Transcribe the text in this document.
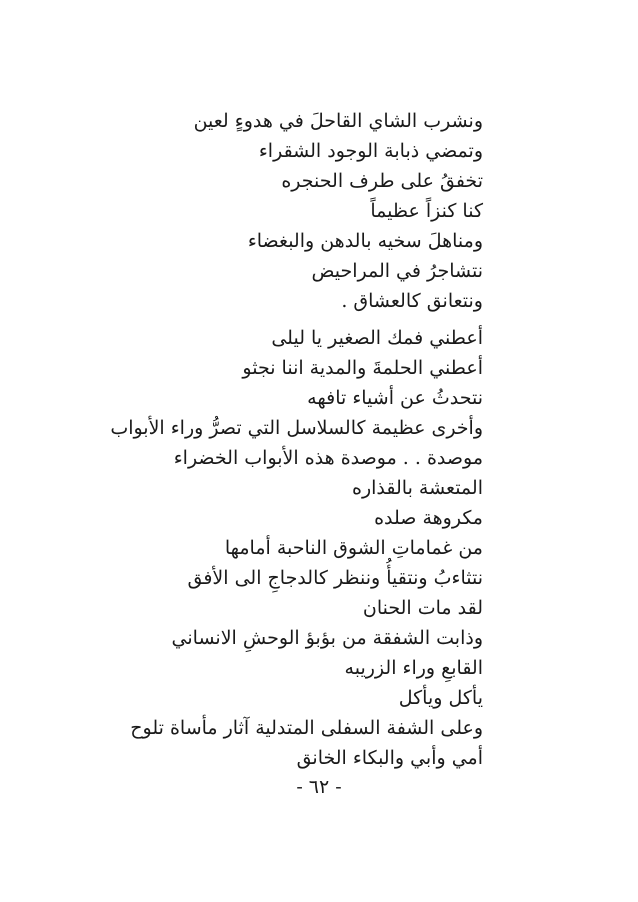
ونشرب الشاي القاحلَ في هدوءٍ لعين
وتمضي ذبابة الوجود الشقراء
تخفقُ على طرف الحنجره
كنا كنزاً عظيماً
ومناهلَ سخيه بالدهن والبغضاء
نتشاجرُ في المراحيض
ونتعانق كالعشاق .
أعطني فمك الصغير يا ليلى
أعطني الحلمةَ والمدية اننا نجثو
نتحدثُ عن أشياء تافهه
وأخرى عظيمة كالسلاسل التي تصرُّ وراء الأبواب
موصدة . . موصدة هذه الأبواب الخضراء
المتعشة بالقذاره
مكروهة صلده
من غماماتِ الشوق الناحبة أمامها
نتثاءبُ ونتقيأُ وننظر كالدجاجِ الى الأفق
لقد مات الحنان
وذابت الشفقة من بؤبؤ الوحشِ الانساني
القابعِ وراء الزريبه
يأكل ويأكل
وعلى الشفة السفلى المتدلية آثار مأساة تلوح
أمي وأبي والبكاء الخانق
- ٦٢ -
